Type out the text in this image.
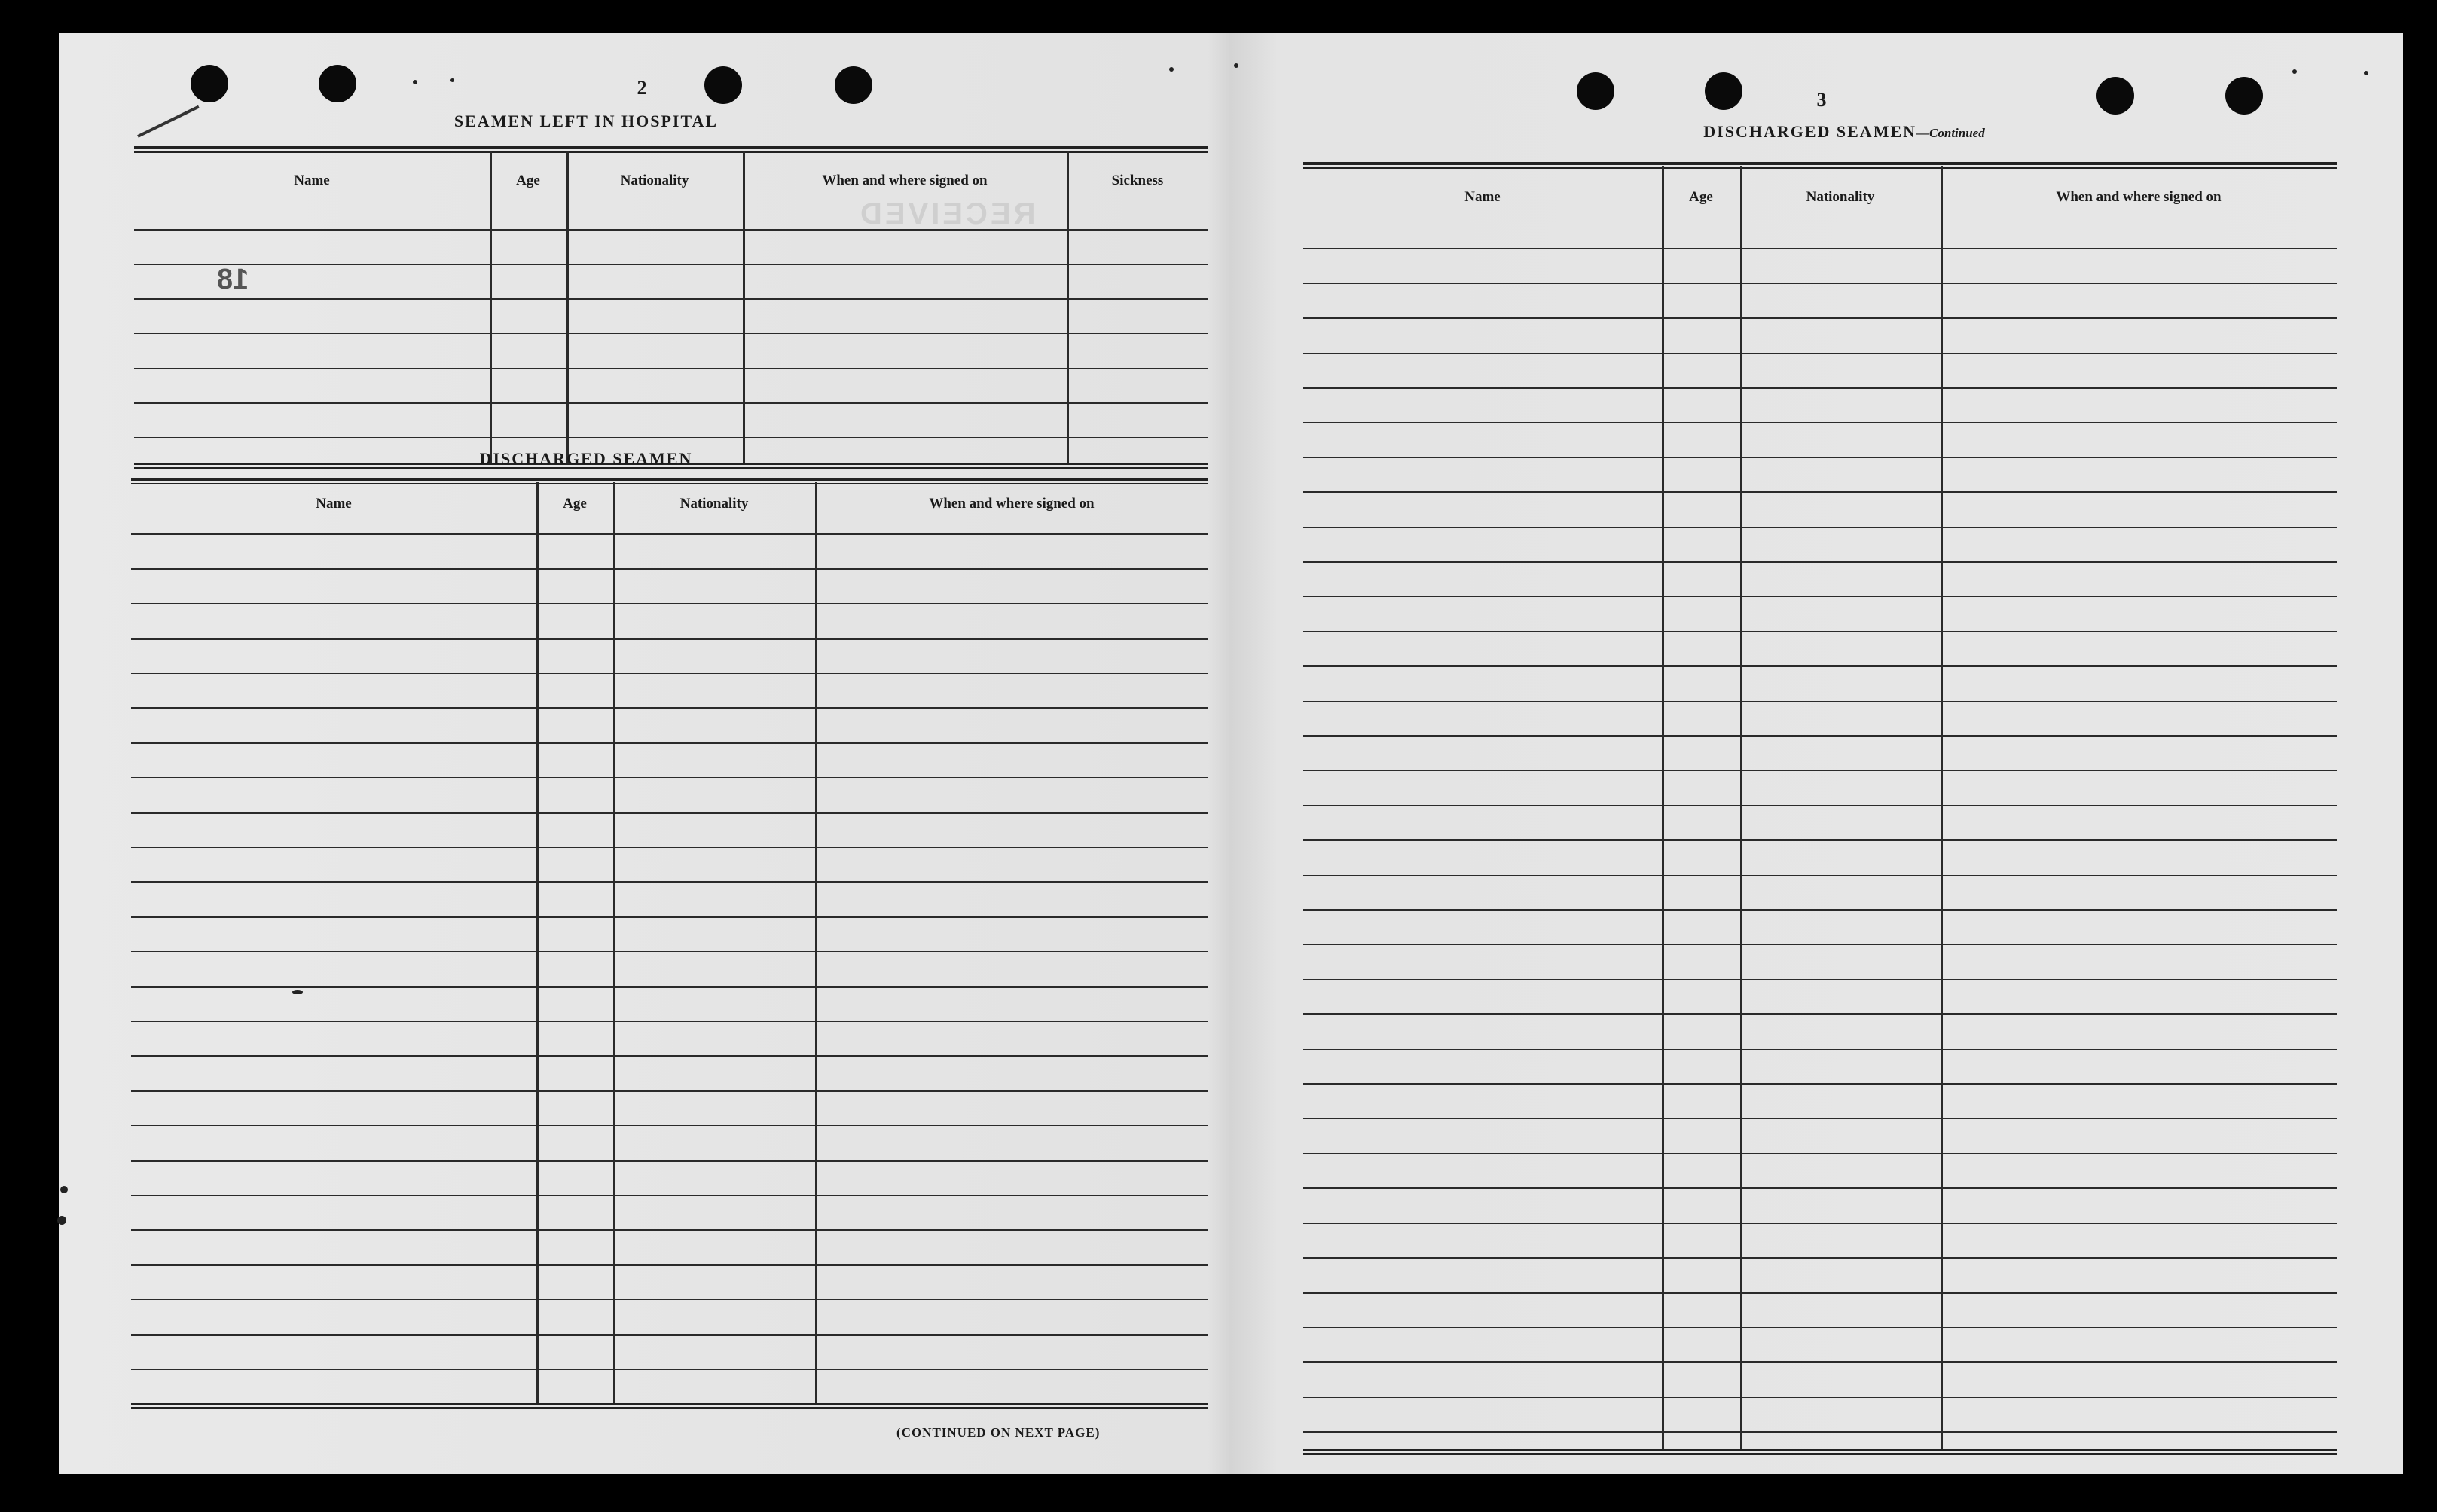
RECEIVED
18
2
SEAMEN LEFT IN HOSPITAL
Name	Age	Nationality	When and where signed on	Sickness
DISCHARGED SEAMEN
Name	Age	Nationality	When and where signed on
(CONTINUED ON NEXT PAGE)
3
DISCHARGED SEAMEN—Continued
Name	Age	Nationality	When and where signed on
